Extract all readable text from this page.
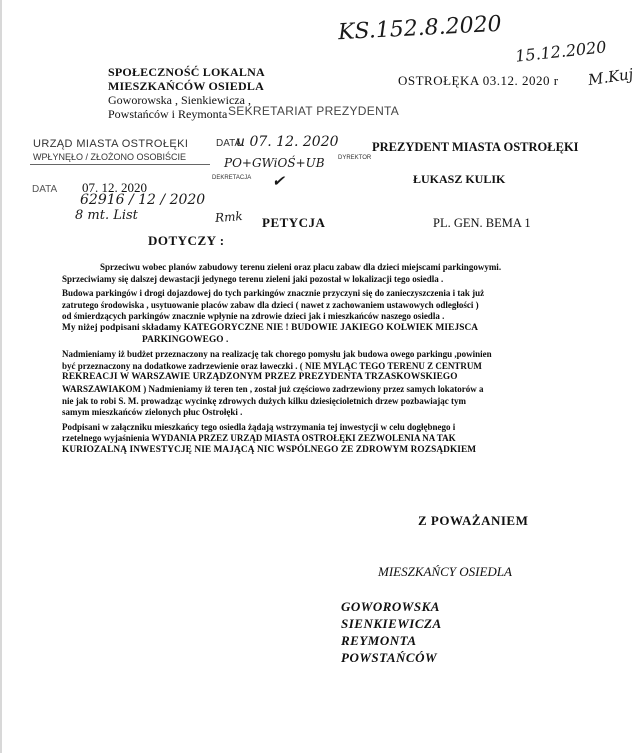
KS.152.8.2020
15.12.2020
M.Kuj
SPOŁECZNOŚĆ LOKALNA
MIESZKAŃCÓW OSIEDLA
Goworowska , Sienkiewicza ,
Powstańców i Reymonta
OSTROŁĘKA 03.12. 2020 r
SEKRETARIAT PREZYDENTA
URZĄD MIASTA OSTROŁĘKI
WPŁYNĘŁO / ZŁOŻONO OSOBIŚCIE
DATA
u 07. 12. 2020
PO+GWiOŚ+UB
DEKRETACJA
DYREKTOR
✔
DATA 07. 12. 2020
62916 / 12 / 2020
8 mt. List	Rmk
PREZYDENT MIASTA OSTROŁĘKI
ŁUKASZ KULIK
PL. GEN. BEMA 1
PETYCJA
DOTYCZY :

Sprzeciwu wobec planów zabudowy terenu zieleni oraz placu zabaw dla dzieci miejscami parkingowymi.

Sprzeciwiamy się dalszej dewastacji jedynego terenu zieleni jaki pozostał w lokalizacji tego osiedla .

Budowa parkingów i drogi dojazdowej do tych parkingów znacznie przyczyni się do zanieczyszczenia i tak już

zatrutego środowiska , usytuowanie placów zabaw dla dzieci ( nawet z zachowaniem ustawowych odległości )

od śmierdzących parkingów znacznie wpłynie na zdrowie dzieci jak i mieszkańców naszego osiedla .

My niżej podpisani składamy KATEGORYCZNE NIE ! BUDOWIE JAKIEGO KOLWIEK MIEJSCA

PARKINGOWEGO .

Nadmieniamy iż budżet przeznaczony na realizację tak chorego pomysłu jak budowa owego parkingu ,powinien

być przeznaczony na dodatkowe zadrzewienie oraz ławeczki . ( NIE MYLĄC TEGO TERENU Z CENTRUM

REKREACJI W WARSZAWIE URZĄDZONYM PRZEZ PREZYDENTA TRZASKOWSKIEGO

WARSZAWIAKOM ) Nadmieniamy iż teren ten , został już częściowo zadrzewiony przez samych lokatorów a

nie jak to robi S. M. prowadząc wycinkę zdrowych dużych kilku dziesięcioletnich drzew pozbawiając tym

samym mieszkańców zielonych płuc Ostrołęki .

Podpisani w załączniku mieszkańcy tego osiedla żądają wstrzymania tej inwestycji w celu dogłębnego i

rzetelnego wyjaśnienia WYDANIA PRZEZ URZĄD MIASTA OSTROŁĘKI ZEZWOLENIA NA TAK

KURIOZALNĄ INWESTYCJĘ NIE MAJĄCĄ NIC WSPÓLNEGO ZE ZDROWYM ROZSĄDKIEM

Z POWAŻANIEM
MIESZKAŃCY OSIEDLA
GOWOROWSKA
SIENKIEWICZA
REYMONTA
POWSTAŃCÓW
